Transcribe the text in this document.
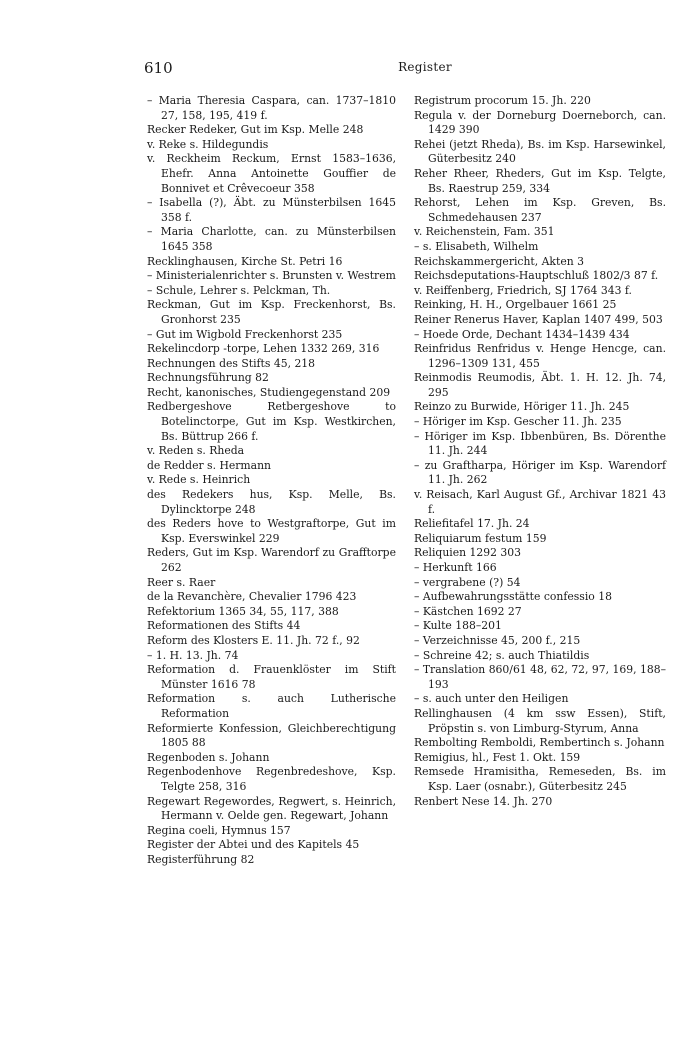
610	Register

– Maria Theresia Caspara, can. 1737–1810 27, 158, 195, 419 f.

Recker Redeker, Gut im Ksp. Melle 248

v. Reke s. Hildegundis

v. Reckheim Reckum, Ernst 1583–1636, Ehefr. Anna Antoinette Gouffier de Bonnivet et Crêvecoeur 358

– Isabella (?), Äbt. zu Münsterbilsen 1645 358 f.

– Maria Charlotte, can. zu Münsterbilsen 1645 358

Recklinghausen, Kirche St. Petri 16

– Ministerialenrichter s. Brunsten v. Westrem

– Schule, Lehrer s. Pelckman, Th.

Reckman, Gut im Ksp. Freckenhorst, Bs. Gronhorst 235

– Gut im Wigbold Freckenhorst 235

Rekelincdorp -torpe, Lehen 1332 269, 316

Rechnungen des Stifts 45, 218

Rechnungsführung 82

Recht, kanonisches, Studiengegenstand 209

Redbergeshove Retbergeshove to Botelinctorpe, Gut im Ksp. Westkirchen, Bs. Büttrup 266 f.

v. Reden s. Rheda

de Redder s. Hermann

v. Rede s. Heinrich

des Redekers hus, Ksp. Melle, Bs. Dylincktorpe 248

des Reders hove to Westgraftorpe, Gut im Ksp. Everswinkel 229

Reders, Gut im Ksp. Warendorf zu Grafftorpe 262

Reer s. Raer

de la Revanchère, Chevalier 1796 423

Refektorium 1365 34, 55, 117, 388

Reformationen des Stifts 44

Reform des Klosters E. 11. Jh. 72 f., 92

– 1. H. 13. Jh. 74

Reformation d. Frauenklöster im Stift Münster 1616 78

Reformation s. auch Lutherische Reformation

Reformierte Konfession, Gleichberechtigung 1805 88

Regenboden s. Johann

Regenbodenhove Regenbredeshove, Ksp. Telgte 258, 316

Regewart Regewordes, Regwert, s. Heinrich, Hermann v. Oelde gen. Regewart, Johann

Regina coeli, Hymnus 157

Register der Abtei und des Kapitels 45

Registerführung 82

Registrum procorum 15. Jh. 220

Regula v. der Dorneburg Doerneborch, can. 1429 390

Rehei (jetzt Rheda), Bs. im Ksp. Harsewinkel, Güterbesitz 240

Reher Rheer, Rheders, Gut im Ksp. Telgte, Bs. Raestrup 259, 334

Rehorst, Lehen im Ksp. Greven, Bs. Schmedehausen 237

v. Reichenstein, Fam. 351

– s. Elisabeth, Wilhelm

Reichskammergericht, Akten 3

Reichsdeputations-Hauptschluß 1802/3 87 f.

v. Reiffenberg, Friedrich, SJ 1764 343 f.

Reinking, H. H., Orgelbauer 1661 25

Reiner Renerus Haver, Kaplan 1407 499, 503

– Hoede Orde, Dechant 1434–1439 434

Reinfridus Renfridus v. Henge Hencge, can. 1296–1309 131, 455

Reinmodis Reumodis, Äbt. 1. H. 12. Jh. 74, 295

Reinzo zu Burwide, Höriger 11. Jh. 245

– Höriger im Ksp. Gescher 11. Jh. 235

– Höriger im Ksp. Ibbenbüren, Bs. Dörenthe 11. Jh. 244

– zu Graftharpa, Höriger im Ksp. Warendorf 11. Jh. 262

v. Reisach, Karl August Gf., Archivar 1821 43 f.

Reliefitafel 17. Jh. 24

Reliquiarum festum 159

Reliquien 1292 303

– Herkunft 166

– vergrabene (?) 54

– Aufbewahrungsstätte confessio 18

– Kästchen 1692 27

– Kulte 188–201

– Verzeichnisse 45, 200 f., 215

– Schreine 42; s. auch Thiatildis

– Translation 860/61 48, 62, 72, 97, 169, 188–193

– s. auch unter den Heiligen

Rellinghausen (4 km ssw Essen), Stift, Pröpstin s. von Limburg-Styrum, Anna

Rembolting Remboldi, Rembertinch s. Johann

Remigius, hl., Fest 1. Okt. 159

Remsede Hramisitha, Remeseden, Bs. im Ksp. Laer (osnabr.), Güterbesitz 245

Renbert Nese 14. Jh. 270
